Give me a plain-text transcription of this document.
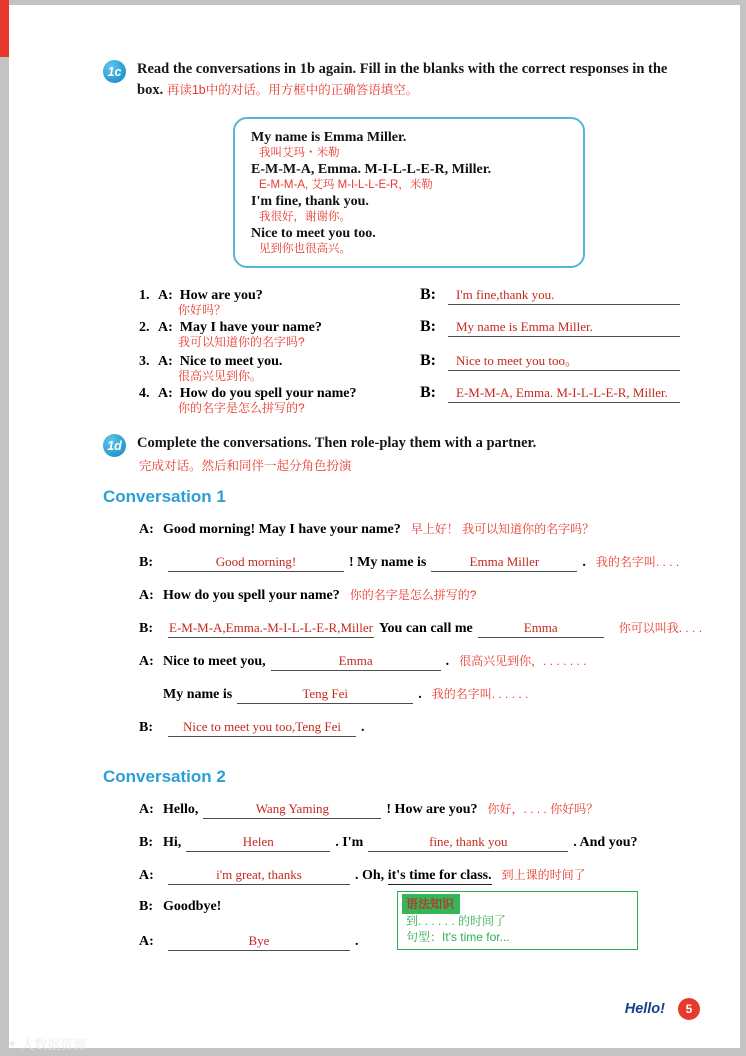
1c	Read the conversations in 1b again. Fill in the blanks with the correct responses in the box. 再读1b中的对话。用方框中的正确答语填空。

My name is Emma Miller.
我叫艾玛・米勒
E-M-M-A, Emma. M-I-L-L-E-R, Miller.
E-M-M-A, 艾玛 M-I-L-L-E-R，米勒
I'm fine, thank you.
我很好，谢谢你。
Nice to meet you too.
见到你也很高兴。
1. A: How are you?
你好吗？
B:	I'm fine,thank you.
2. A: May I have your name?
我可以知道你的名字吗?
B:	My name is Emma Miller.
3. A: Nice to meet you.
很高兴见到你。
B:	Nice to meet you too。
4. A: How do you spell your name?
你的名字是怎么拼写的?
B:	E-M-M-A, Emma. M-I-L-L-E-R, Miller.
1d Complete the conversations. Then role-play them with a partner.

完成对话。然后和同伴一起分角色扮演
Conversation 1
A: Good morning! May I have your name? 早上好！ 我可以知道你的名字吗？
B:	Good morning!	! My name is	Emma Miller	. 我的名字叫. . . .
A: How do you spell your name? 你的名字是怎么拼写的?
B:	E-M-M-A,Emma.-M-I-L-L-E-R,Miller You can call me	Emma	你可以叫我. . . .
A: Nice to meet you,	Emma	. 很高兴见到你，. . . . . . .
My name is	Teng Fei	. 我的名字叫. . . . . .
B:	Nice to meet you too,Teng Fei	.
Conversation 2
A: Hello,	Wang Yaming	! How are you? 你好，. . . . 你好吗？
B: Hi,	Helen	. I'm	fine, thank you	. And you?
A:	i'm great, thanks	. Oh, it's time for class. 到上课的时间了
B: Goodbye!
A:	Bye	.
语法知识
到. . . . . . 的时间了
句型：It's time for...
Hello!	5
✦ 大数据资源
